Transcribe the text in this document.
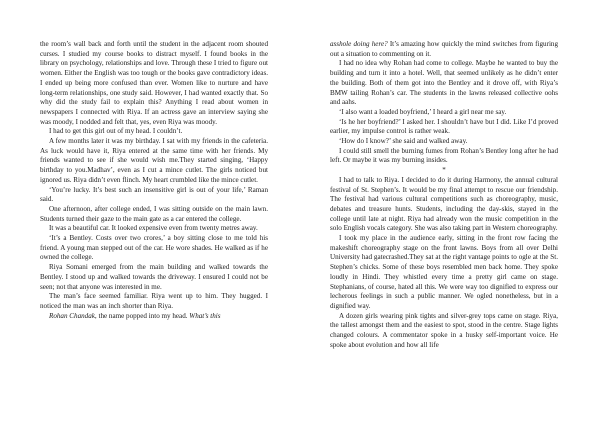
the room’s wall back and forth until the student in the adjacent room shouted curses. I studied my course books to distract myself. I found books in the library on psychology, relationships and love. Through these I tried to figure out women. Either the English was too tough or the books gave contradictory ideas. I ended up being more confused than ever. Women like to nurture and have long-term relationships, one study said. However, I had wanted exactly that. So why did the study fail to explain this? Anything I read about women in newspapers I connected with Riya. If an actress gave an interview saying she was moody, I nodded and felt that, yes, even Riya was moody.

I had to get this girl out of my head. I couldn’t.

A few months later it was my birthday. I sat with my friends in the cafeteria. As luck would have it, Riya entered at the same time with her friends. My friends wanted to see if she would wish me.They started singing, ‘Happy birthday to you.Madhav’, even as I cut a mince cutlet. The girls noticed but ignored us. Riya didn’t even flinch. My heart crumbled like the mince cutlet.

‘You’re lucky. It’s best such an insensitive girl is out of your life,’ Raman said.

One afternoon, after college ended, I was sitting outside on the main lawn. Students turned their gaze to the main gate as a car entered the college.

It was a beautiful car. It looked expensive even from twenty metres away.

‘It’s a Bentley. Costs over two crores,’ a boy sitting close to me told his friend. A young man stepped out of the car. He wore shades. He walked as if he owned the college.

Riya Somani emerged from the main building and walked towards the Bentley. I stood up and walked towards the driveway. I ensured I could not be seen; not that anyone was interested in me.

The man’s face seemed familiar. Riya went up to him. They hugged. I noticed the man was an inch shorter than Riya.

Rohan Chandak, the name popped into my head. What’s this

asshole doing here? It’s amazing how quickly the mind switches from figuring out a situation to commenting on it.

I had no idea why Rohan had come to college. Maybe he wanted to buy the building and turn it into a hotel. Well, that seemed unlikely as he didn’t enter the building. Both of them got into the Bentley and it drove off, with Riya’s BMW tailing Rohan’s car. The students in the lawns released collective oohs and aahs.

‘I also want a loaded boyfriend,’ I heard a girl near me say.

‘Is he her boyfriend?’ I asked her. I shouldn’t have but I did. Like I’d proved earlier, my impulse control is rather weak.

‘How do I know?’ she said and walked away.

I could still smell the burning fumes from Rohan’s Bentley long after he had left. Or maybe it was my burning insides.

*

I had to talk to Riya. I decided to do it during Harmony, the annual cultural festival of St. Stephen’s. It would be my final attempt to rescue our friendship. The festival had various cultural competitions such as choreography, music, debates and treasure hunts. Students, including the day-skis, stayed in the college until late at night. Riya had already won the music competition in the solo English vocals category. She was also taking part in Western choreography.

I took my place in the audience early, sitting in the front row facing the makeshift choreography stage on the front lawns. Boys from all over Delhi University had gatecrashed.They sat at the right vantage points to ogle at the St. Stephen’s chicks. Some of these boys resembled men back home. They spoke loudly in Hindi. They whistled every time a pretty girl came on stage. Stephanians, of course, hated all this. We were way too dignified to express our lecherous feelings in such a public manner. We ogled nonetheless, but in a dignified way.

A dozen girls wearing pink tights and silver-grey tops came on stage. Riya, the tallest amongst them and the easiest to spot, stood in the centre. Stage lights changed colours. A commentator spoke in a husky self-important voice. He spoke about evolution and how all life
